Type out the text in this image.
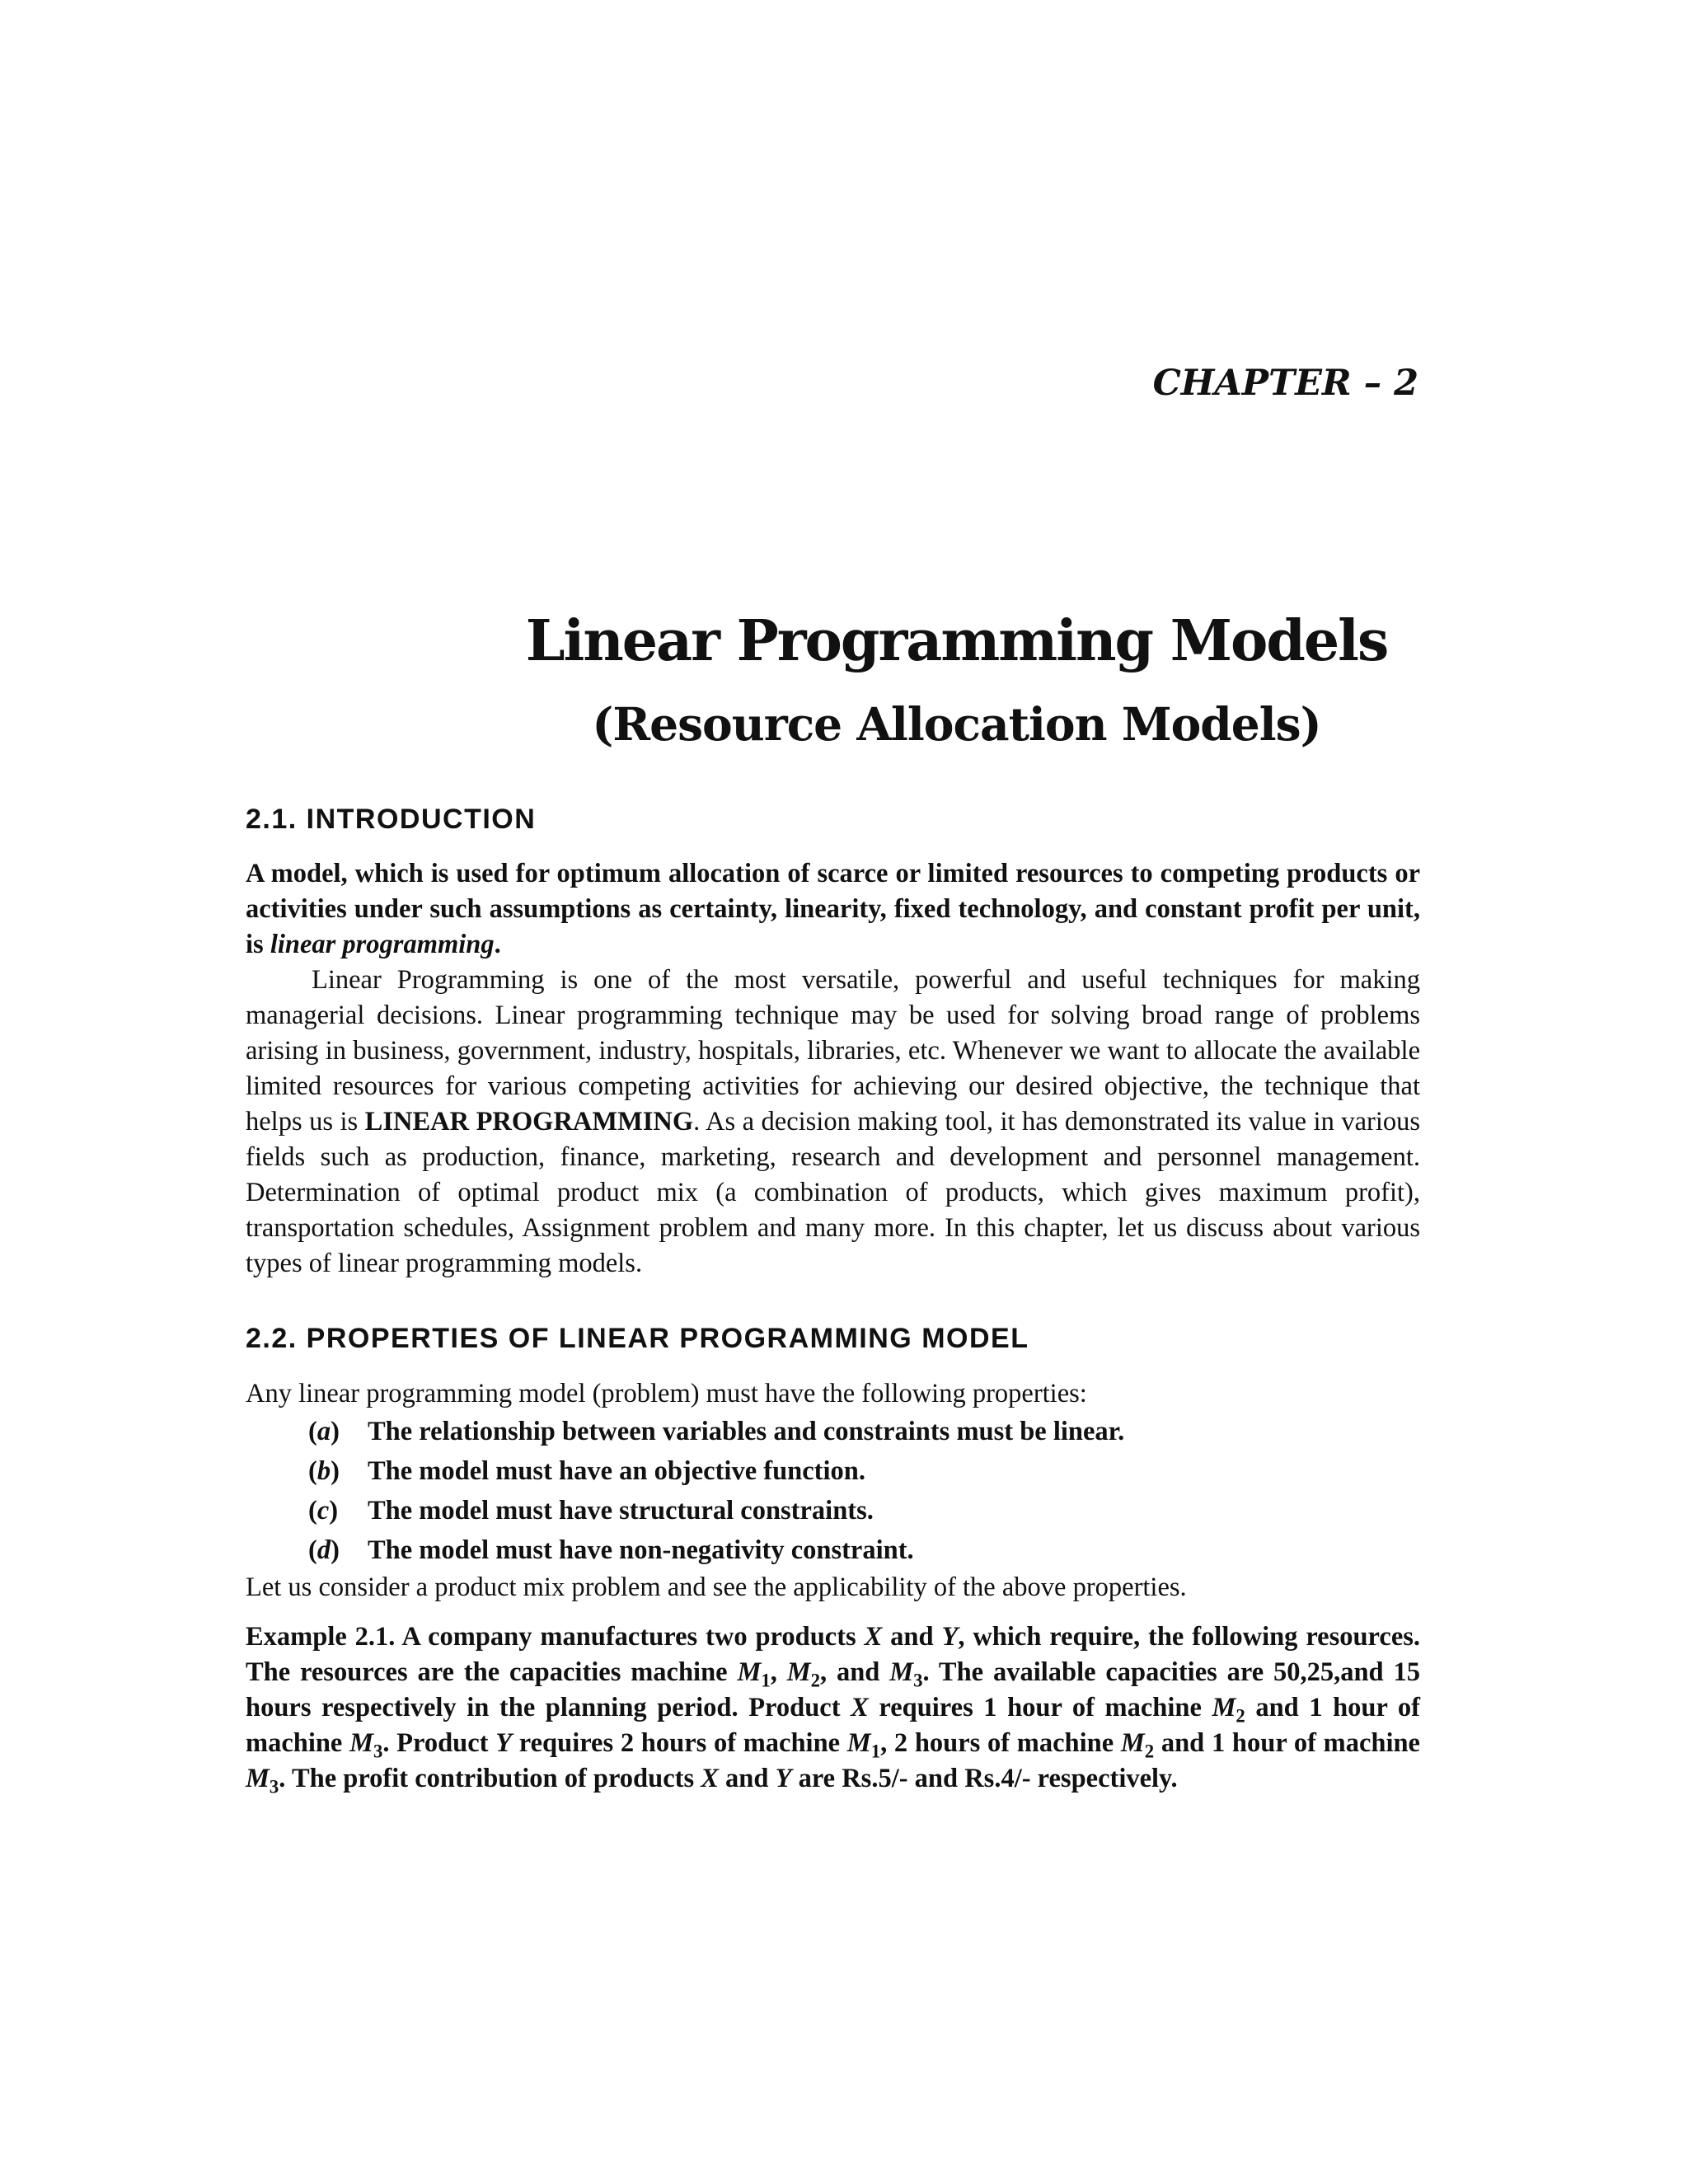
CHAPTER – 2
Linear Programming Models
(Resource Allocation Models)
2.1. INTRODUCTION

A model, which is used for optimum allocation of scarce or limited resources to competing products or activities under such assumptions as certainty, linearity, fixed technology, and constant profit per unit, is linear programming.

Linear Programming is one of the most versatile, powerful and useful techniques for making managerial decisions. Linear programming technique may be used for solving broad range of problems arising in business, government, industry, hospitals, libraries, etc. Whenever we want to allocate the available limited resources for various competing activities for achieving our desired objective, the technique that helps us is LINEAR PROGRAMMING. As a decision making tool, it has demonstrated its value in various fields such as production, finance, marketing, research and development and personnel management. Determination of optimal product mix (a combination of products, which gives maximum profit), transportation schedules, Assignment problem and many more. In this chapter, let us discuss about various types of linear programming models.

2.2. PROPERTIES OF LINEAR PROGRAMMING MODEL

Any linear programming model (problem) must have the following properties:

(a) The relationship between variables and constraints must be linear.
(b) The model must have an objective function.
(c) The model must have structural constraints.
(d) The model must have non-negativity constraint.

Let us consider a product mix problem and see the applicability of the above properties.

Example 2.1. A company manufactures two products X and Y, which require, the following resources. The resources are the capacities machine $M_1$, $M_2$, and $M_3$. The available capacities are 50,25,and 15 hours respectively in the planning period. Product X requires 1 hour of machine $M_2$ and 1 hour of machine $M_3$. Product Y requires 2 hours of machine $M_1$, 2 hours of machine $M_2$ and 1 hour of machine $M_3$. The profit contribution of products X and Y are Rs.5/- and Rs.4/- respectively.
